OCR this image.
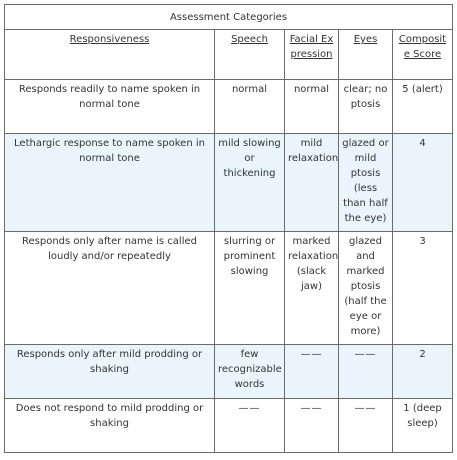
Assessment Categories				
Responsiveness	Speech	Facial Expression	Eyes	Composite Score
Responds readily to name spoken in normal tone	normal	normal	clear; no ptosis	5 (alert)
Lethargic response to name spoken in normal tone	mild slowing or thickening	mild relaxation	glazed or mild ptosis (less than half the eye)	4
Responds only after name is called loudly and/or repeatedly	slurring or prominent slowing	marked relaxation (slack jaw)	glazed and marked ptosis (half the eye or more)	3
Responds only after mild prodding or shaking	few recognizable words	——	——	2
Does not respond to mild prodding or shaking	——	——	——	1 (deep sleep)
